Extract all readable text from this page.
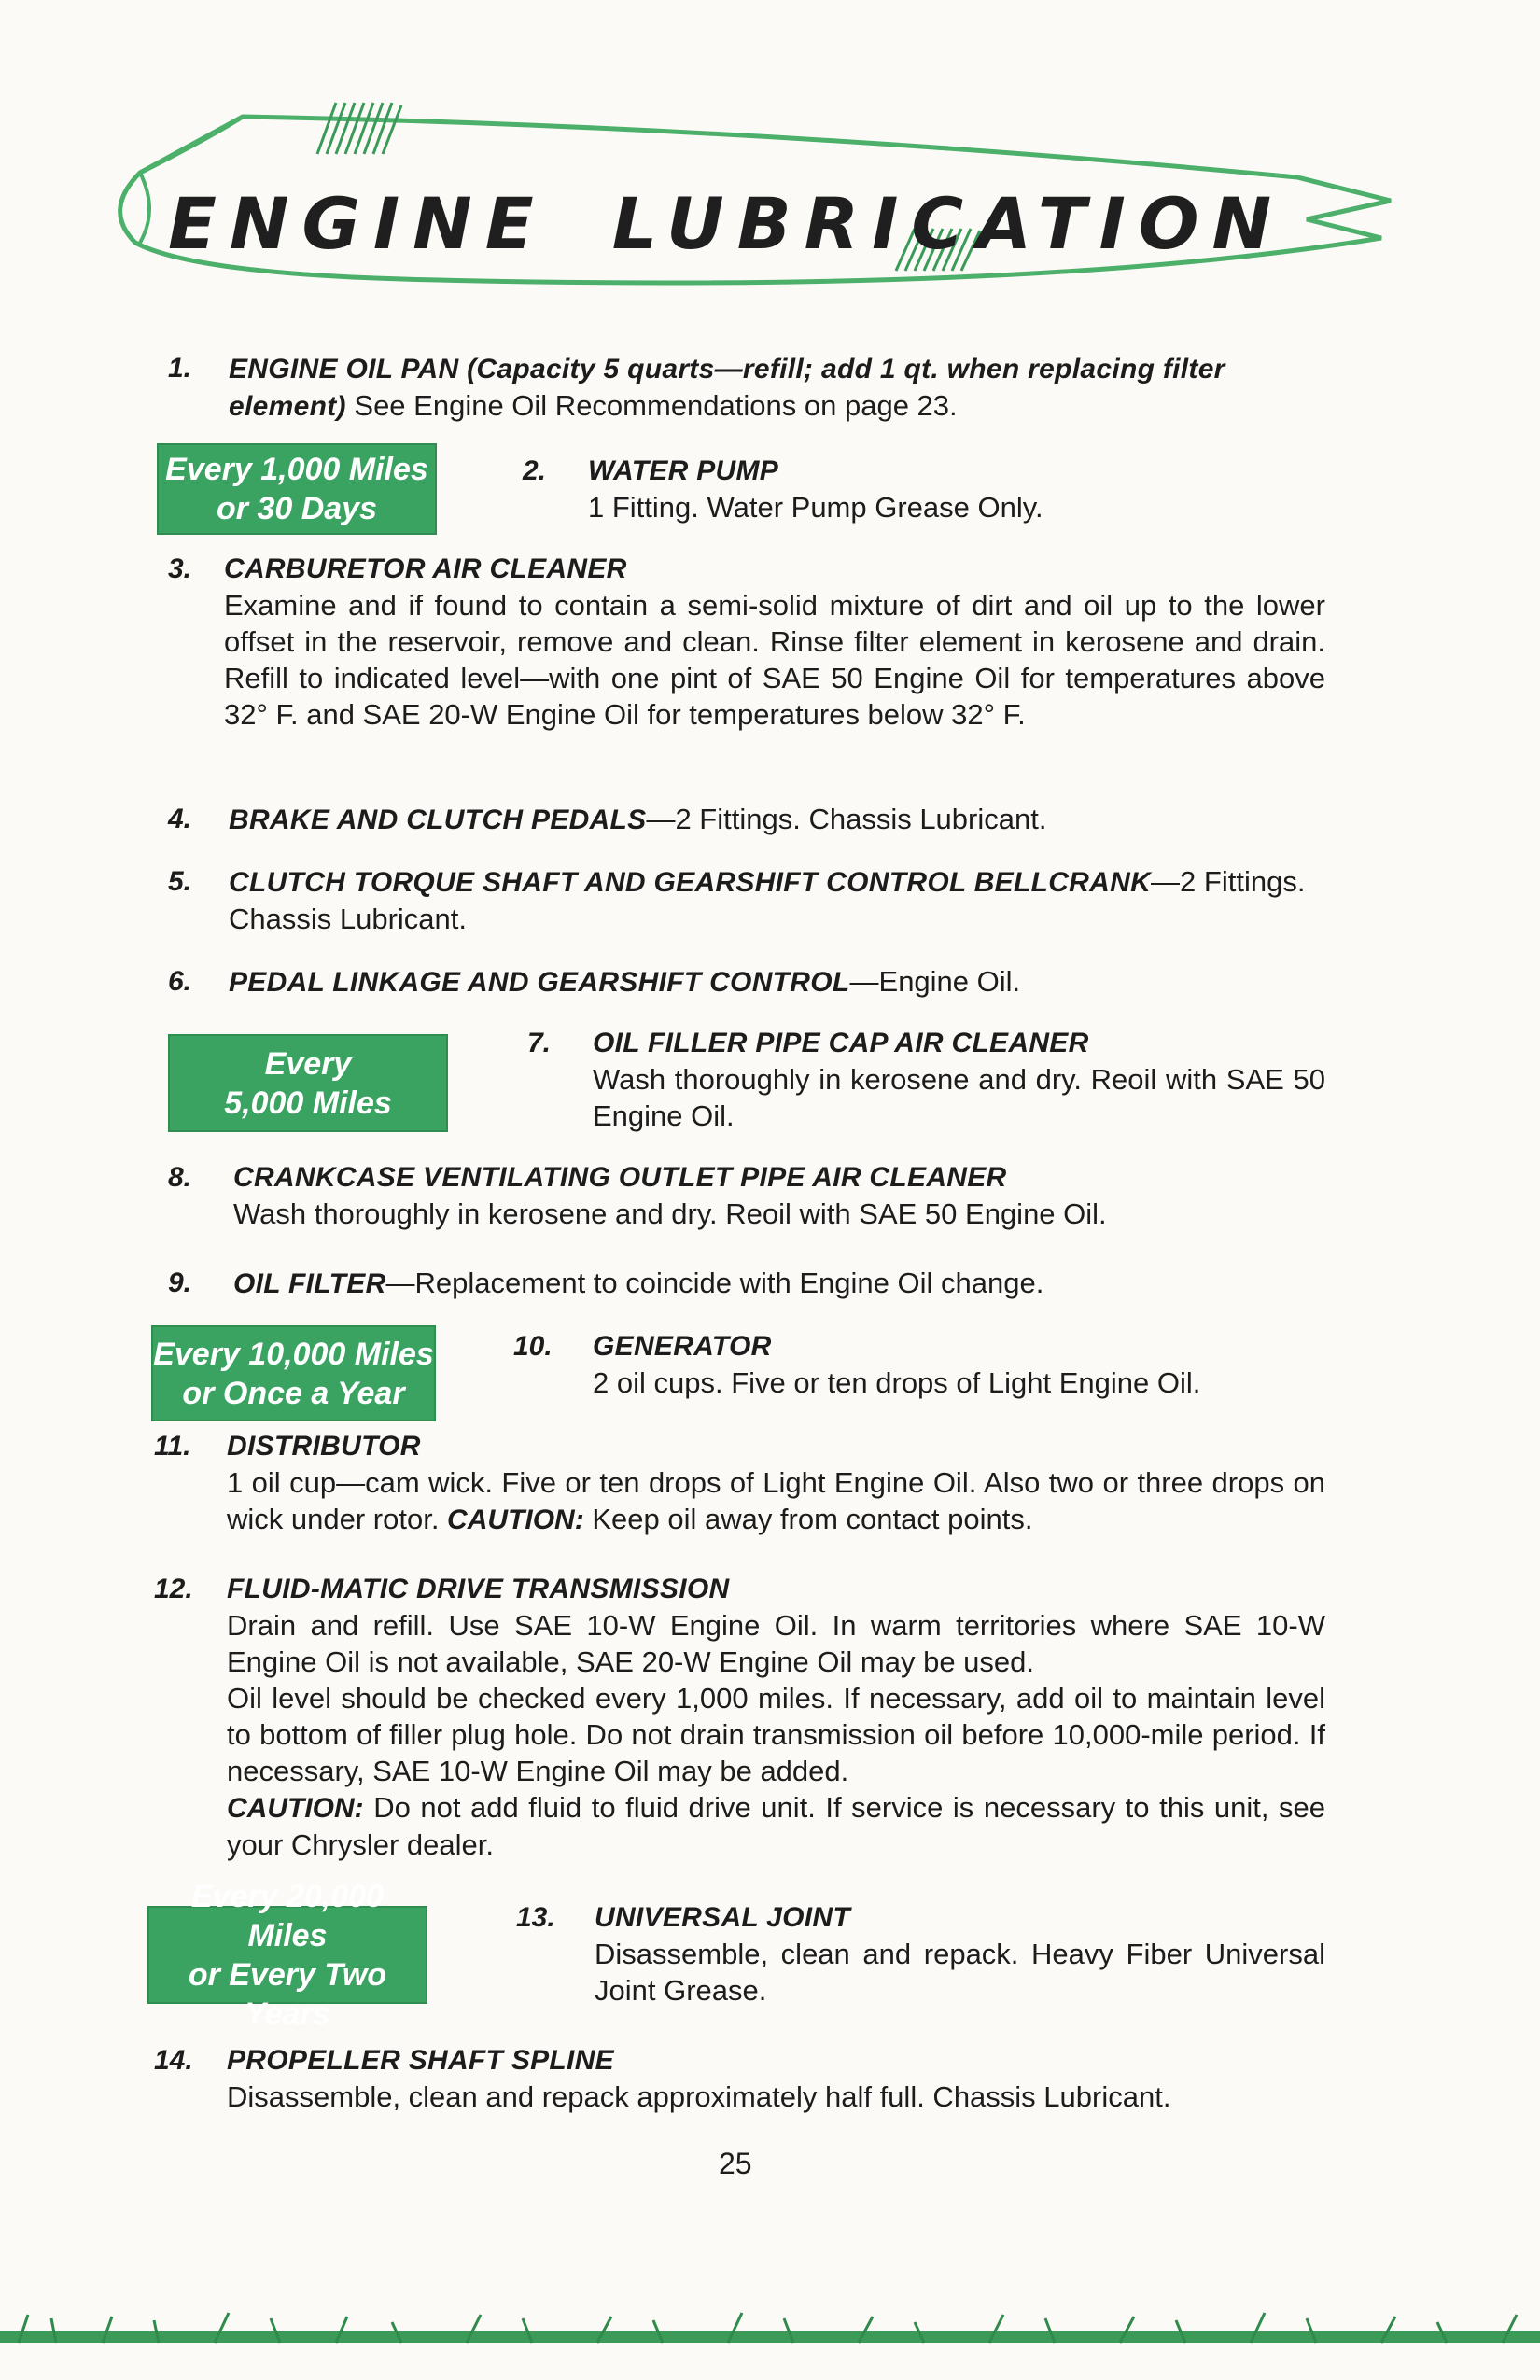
ENGINE LUBRICATION
1. ENGINE OIL PAN (Capacity 5 quarts—refill; add 1 qt. when replacing filter element) See Engine Oil Recommendations on page 23.
Every 1,000 Miles
or 30 Days
2. WATER PUMP
1 Fitting. Water Pump Grease Only.
3. CARBURETOR AIR CLEANER
Examine and if found to contain a semi-solid mixture of dirt and oil up to the lower offset in the reservoir, remove and clean. Rinse filter element in kerosene and drain. Refill to indicated level—with one pint of SAE 50 Engine Oil for temperatures above 32° F. and SAE 20-W Engine Oil for temperatures below 32° F.
4. BRAKE AND CLUTCH PEDALS—2 Fittings. Chassis Lubricant.
5. CLUTCH TORQUE SHAFT AND GEARSHIFT CONTROL BELLCRANK—2 Fittings. Chassis Lubricant.
6. PEDAL LINKAGE AND GEARSHIFT CONTROL—Engine Oil.
Every
5,000 Miles
7. OIL FILLER PIPE CAP AIR CLEANER
Wash thoroughly in kerosene and dry. Reoil with SAE 50 Engine Oil.
8. CRANKCASE VENTILATING OUTLET PIPE AIR CLEANER
Wash thoroughly in kerosene and dry. Reoil with SAE 50 Engine Oil.
9. OIL FILTER—Replacement to coincide with Engine Oil change.
Every 10,000 Miles
or Once a Year
10. GENERATOR
2 oil cups. Five or ten drops of Light Engine Oil.
11. DISTRIBUTOR
1 oil cup—cam wick. Five or ten drops of Light Engine Oil. Also two or three drops on wick under rotor. CAUTION: Keep oil away from contact points.
12. FLUID-MATIC DRIVE TRANSMISSION
Drain and refill. Use SAE 10-W Engine Oil. In warm territories where SAE 10-W Engine Oil is not available, SAE 20-W Engine Oil may be used.
Oil level should be checked every 1,000 miles. If necessary, add oil to maintain level to bottom of filler plug hole. Do not drain transmission oil before 10,000-mile period. If necessary, SAE 10-W Engine Oil may be added.
CAUTION: Do not add fluid to fluid drive unit. If service is necessary to this unit, see your Chrysler dealer.
Every 20,000 Miles
or Every Two Years
13. UNIVERSAL JOINT
Disassemble, clean and repack. Heavy Fiber Universal Joint Grease.
14. PROPELLER SHAFT SPLINE
Disassemble, clean and repack approximately half full. Chassis Lubricant.
25
